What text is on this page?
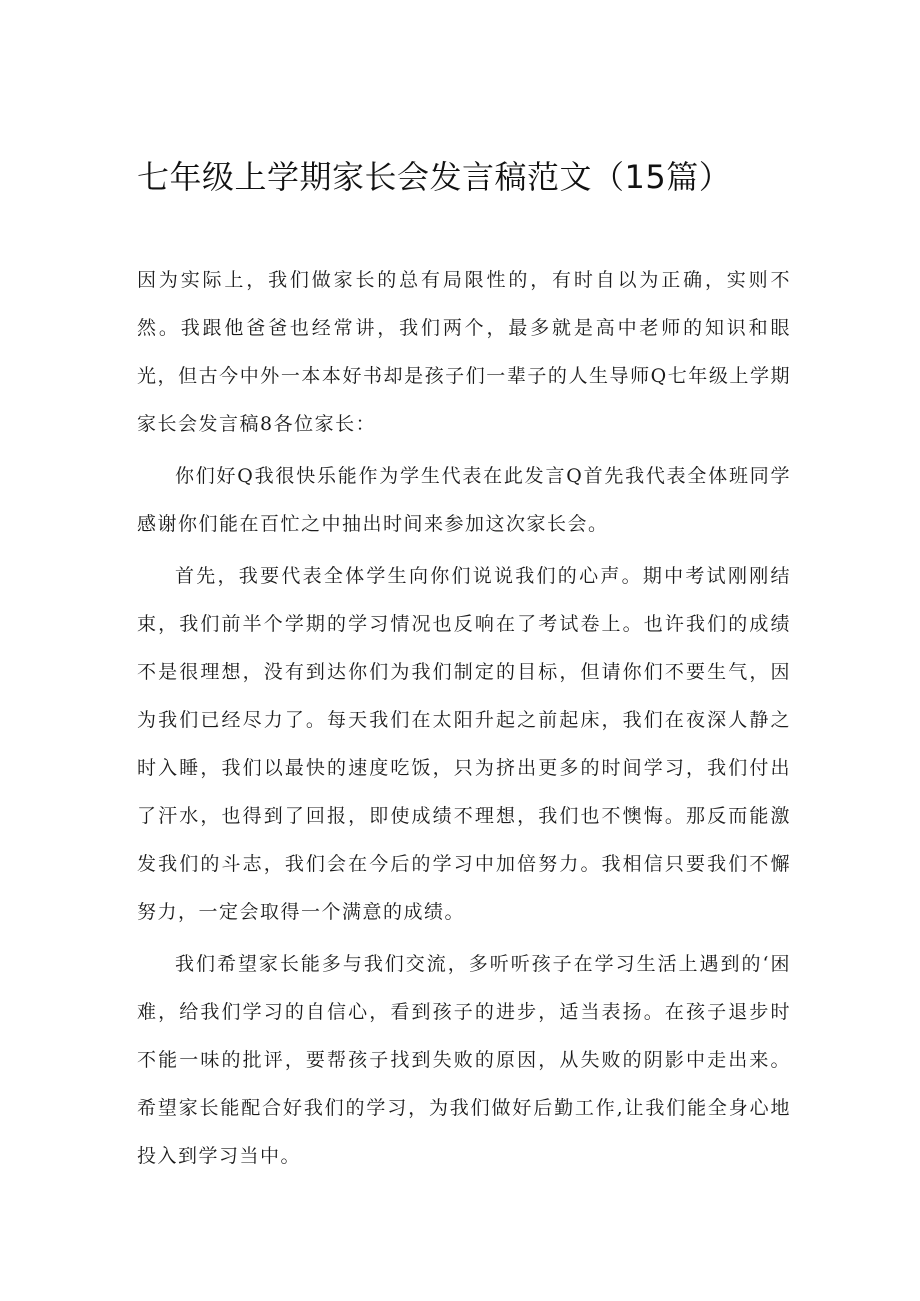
七年级上学期家长会发言稿范文（15篇）

因为实际上，我们做家长的总有局限性的，有时自以为正确，实则不然。我跟他爸爸也经常讲，我们两个，最多就是高中老师的知识和眼光，但古今中外一本本好书却是孩子们一辈子的人生导师Q七年级上学期家长会发言稿8各位家长：

你们好Q我很快乐能作为学生代表在此发言Q首先我代表全体班同学感谢你们能在百忙之中抽出时间来参加这次家长会。

首先，我要代表全体学生向你们说说我们的心声。期中考试刚刚结束，我们前半个学期的学习情况也反响在了考试卷上。也许我们的成绩不是很理想，没有到达你们为我们制定的目标，但请你们不要生气，因为我们已经尽力了。每天我们在太阳升起之前起床，我们在夜深人静之时入睡，我们以最快的速度吃饭，只为挤出更多的时间学习，我们付出了汗水，也得到了回报，即使成绩不理想，我们也不懊悔。那反而能激发我们的斗志，我们会在今后的学习中加倍努力。我相信只要我们不懈努力，一定会取得一个满意的成绩。

我们希望家长能多与我们交流，多听听孩子在学习生活上遇到的‘困难，给我们学习的自信心，看到孩子的进步，适当表扬。在孩子退步时不能一味的批评，要帮孩子找到失败的原因，从失败的阴影中走出来。希望家长能配合好我们的学习，为我们做好后勤工作,让我们能全身心地投入到学习当中。
